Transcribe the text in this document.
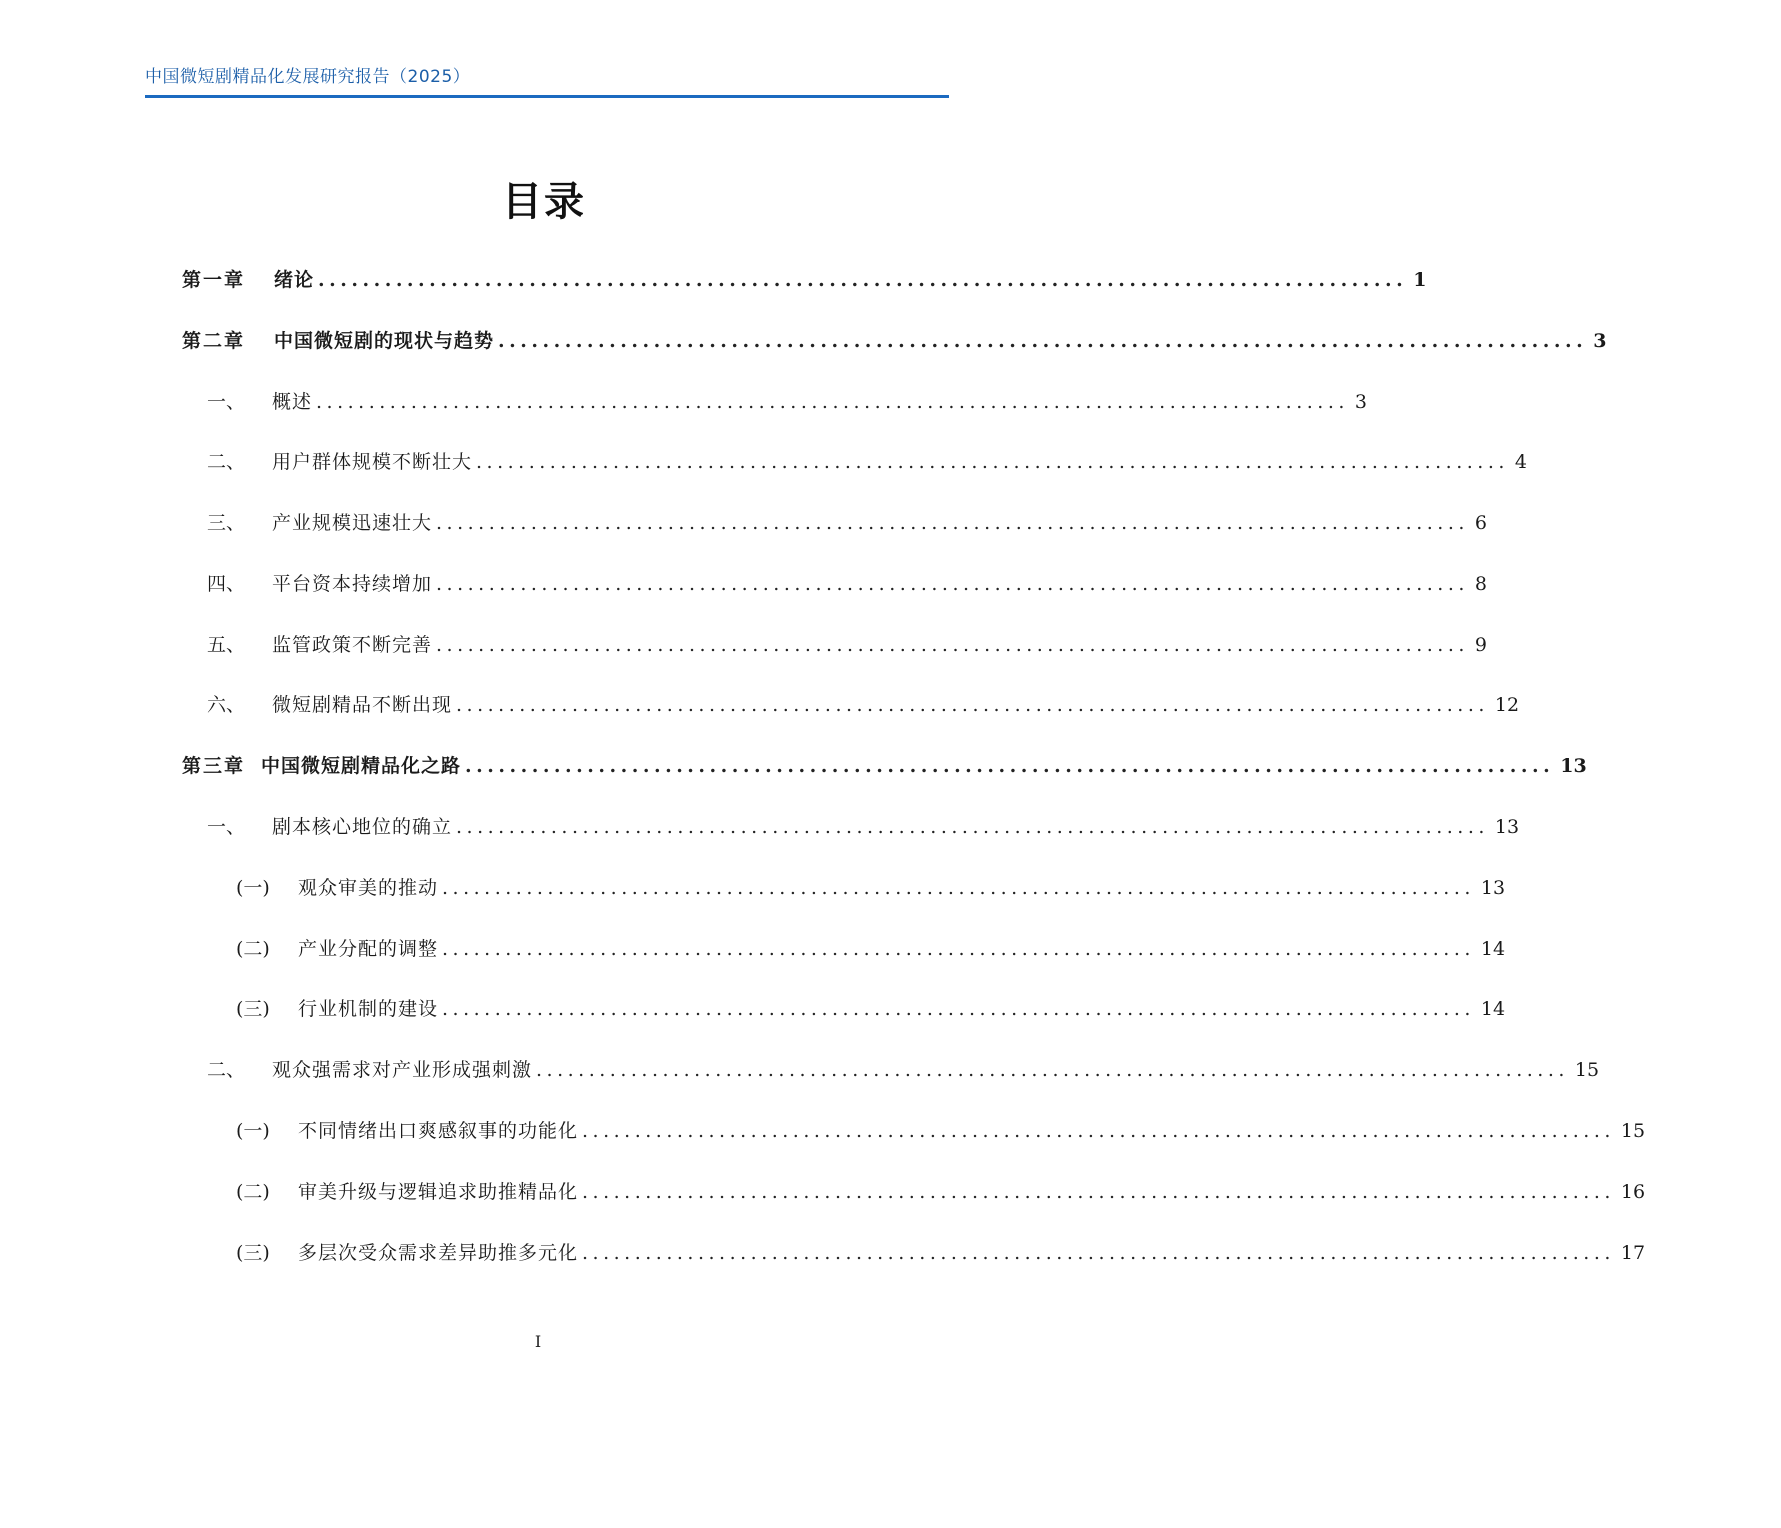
中国微短剧精品化发展研究报告（2025）
目录
第一章 绪论 .................................................................................................. 1
第二章 中国微短剧的现状与趋势 .................................................................................................. 3
一、 概述 .................................................................................................. 3
二、 用户群体规模不断壮大 .................................................................................................. 4
三、 产业规模迅速壮大 .................................................................................................. 6
四、 平台资本持续增加 .................................................................................................. 8
五、 监管政策不断完善 .................................................................................................. 9
六、 微短剧精品不断出现 .................................................................................................. 12
第三章 中国微短剧精品化之路 .................................................................................................. 13
一、 剧本核心地位的确立 .................................................................................................. 13
(一) 观众审美的推动 .................................................................................................. 13
(二) 产业分配的调整 .................................................................................................. 14
(三) 行业机制的建设 .................................................................................................. 14
二、 观众强需求对产业形成强刺激 .................................................................................................. 15
(一) 不同情绪出口爽感叙事的功能化 .................................................................................................. 15
(二) 审美升级与逻辑追求助推精品化 .................................................................................................. 16
(三) 多层次受众需求差异助推多元化 .................................................................................................. 17
I
